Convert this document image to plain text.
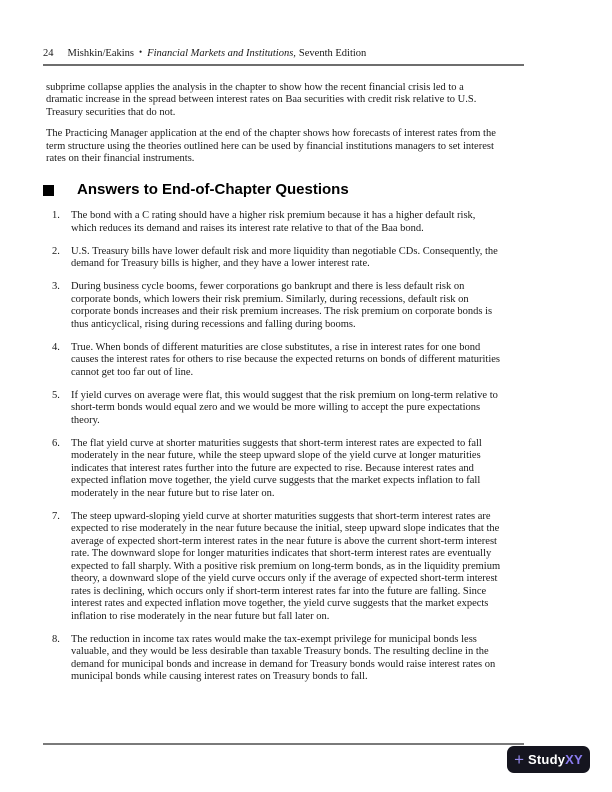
24 Mishkin/Eakins • Financial Markets and Institutions, Seventh Edition

subprime collapse applies the analysis in the chapter to show how the recent financial crisis led to a dramatic increase in the spread between interest rates on Baa securities with credit risk relative to U.S. Treasury securities that do not.

The Practicing Manager application at the end of the chapter shows how forecasts of interest rates from the term structure using the theories outlined here can be used by financial institutions managers to set interest rates on their financial instruments.

Answers to End-of-Chapter Questions
1.	The bond with a C rating should have a higher risk premium because it has a higher default risk, which reduces its demand and raises its interest rate relative to that of the Baa bond.
2.	U.S. Treasury bills have lower default risk and more liquidity than negotiable CDs. Consequently, the demand for Treasury bills is higher, and they have a lower interest rate.
3.	During business cycle booms, fewer corporations go bankrupt and there is less default risk on corporate bonds, which lowers their risk premium. Similarly, during recessions, default risk on corporate bonds increases and their risk premium increases. The risk premium on corporate bonds is thus anticyclical, rising during recessions and falling during booms.
4.	True. When bonds of different maturities are close substitutes, a rise in interest rates for one bond causes the interest rates for others to rise because the expected returns on bonds of different maturities cannot get too far out of line.
5.	If yield curves on average were flat, this would suggest that the risk premium on long-term relative to short-term bonds would equal zero and we would be more willing to accept the pure expectations theory.
6.	The flat yield curve at shorter maturities suggests that short-term interest rates are expected to fall moderately in the near future, while the steep upward slope of the yield curve at longer maturities indicates that interest rates further into the future are expected to rise. Because interest rates and expected inflation move together, the yield curve suggests that the market expects inflation to fall moderately in the near future but to rise later on.
7.	The steep upward-sloping yield curve at shorter maturities suggests that short-term interest rates are expected to rise moderately in the near future because the initial, steep upward slope indicates that the average of expected short-term interest rates in the near future is above the current short-term interest rate. The downward slope for longer maturities indicates that short-term interest rates are eventually expected to fall sharply. With a positive risk premium on long-term bonds, as in the liquidity premium theory, a downward slope of the yield curve occurs only if the average of expected short-term interest rates is declining, which occurs only if short-term interest rates far into the future are falling. Since interest rates and expected inflation move together, the yield curve suggests that the market expects inflation to rise moderately in the near future but fall later on.
8.	The reduction in income tax rates would make the tax-exempt privilege for municipal bonds less valuable, and they would be less desirable than taxable Treasury bonds. The resulting decline in the demand for municipal bonds and increase in demand for Treasury bonds would raise interest rates on municipal bonds while causing interest rates on Treasury bonds to fall.
+ StudyXY
